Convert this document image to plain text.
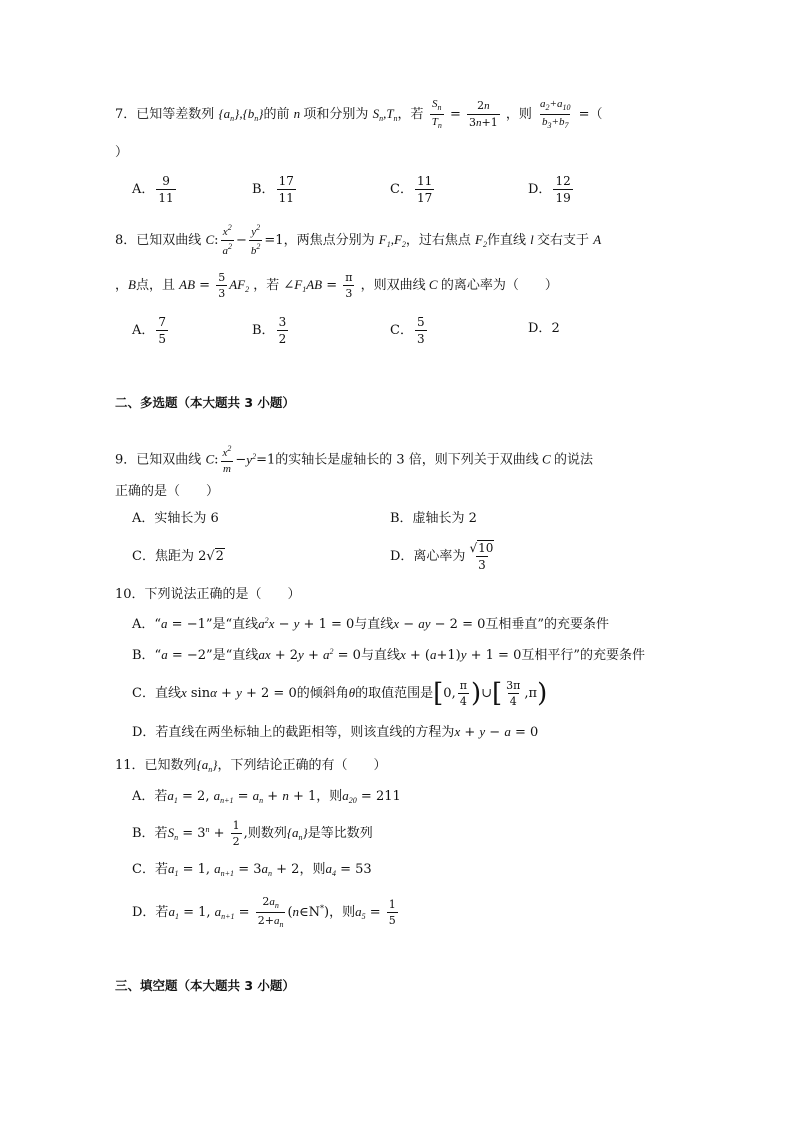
7．已知等差数列 $\{a_n\},\{b_n\}$的前 n 项和分别为 $S_n,T_n$，若 $\frac{S_n}{T_n} = \frac{2n}{3n+1}$ ，则 $\frac{a_2+a_{10}}{b_3+b_7}$ =（
）
A． $\frac{9}{11}$	B． $\frac{17}{11}$	C． $\frac{11}{17}$	D． $\frac{12}{19}$
8．已知双曲线 C: $\frac{x^2}{a^2} - \frac{y^2}{b^2} =1$，两焦点分别为 $F_1,F_2$，过右焦点 $F_2$作直线 l 交右支于 A
，B点，且 AB = $\frac{5}{3} AF_2$ ，若 $\angle F_1AB = \frac{\pi}{3}$ ，则双曲线 C 的离心率为（　　）
A． $\frac{7}{5}$	B． $\frac{3}{2}$	C． $\frac{5}{3}$	D．2
二、多选题（本大题共 3 小题）
9．已知双曲线 C: $\frac{x^2}{m} -y^2=1$的实轴长是虚轴长的 3 倍，则下列关于双曲线 C 的说法
正确的是（　　）
A．实轴长为 6	B．虚轴长为 2
C．焦距为 2√2	D．离心率为 $\frac{√10}{3}$
10．下列说法正确的是（　　）
A．“a = −1”是“直线$a^2x - y + 1 = 0$与直线x − ay − 2 = 0互相垂直”的充要条件
B．“a = −2”是“直线ax + $2y + a^2 = 0$与直线x + (a+1)y + 1 = 0互相平行”的充要条件
C．直线x sinα + y + 2 = 0的倾斜角θ的取值范围是[0, $\frac{\pi}{4}$ )∪[ $\frac{3\pi}{4} ,\pi$)
D．若直线在两坐标轴上的截距相等，则该直线的方程为x + y − a = 0
11．已知数列$\{a_n\}$，下列结论正确的有（　　）
A．若$a_1 = 2$, $a_{n+1} = a_n + n + 1$，则$a_{20} = 211$
B．若$S_n = 3^n + \frac{1}{2}$ ,则数列$\{a_n\}$是等比数列
C．若$a_1 = 1$, $a_{n+1} = 3a_n + 2$，则$a_4 = 53$
D．若$a_1 = 1$, $a_{n+1} = \frac{2a_n}{2+a_n}$ (n∈N*)，则$a_5 = \frac{1}{5}$
三、填空题（本大题共 3 小题）
